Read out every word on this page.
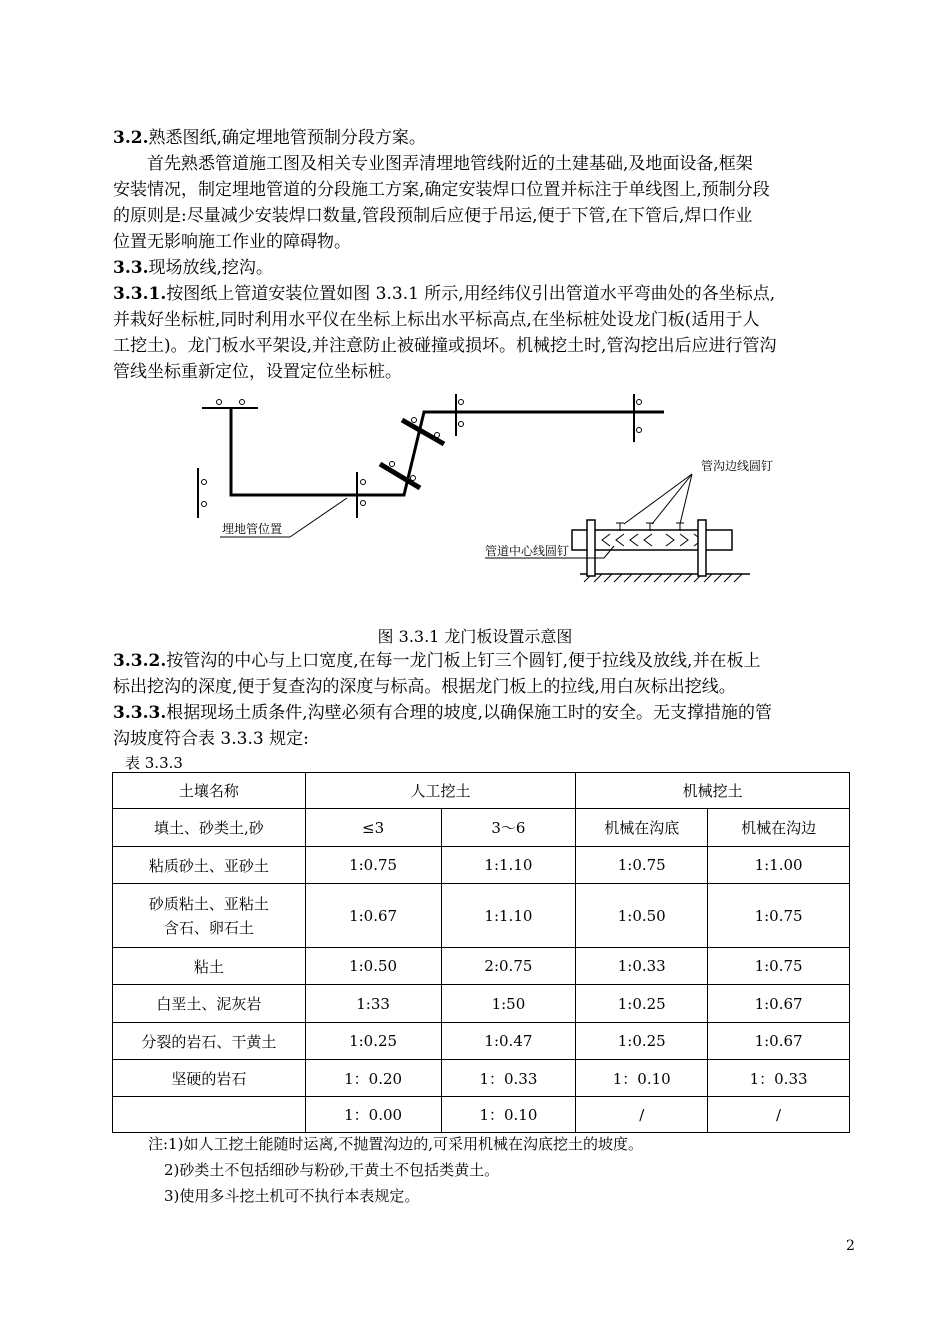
3.2.熟悉图纸,确定埋地管预制分段方案。
首先熟悉管道施工图及相关专业图弄清埋地管线附近的土建基础,及地面设备,框架
安装情况，制定埋地管道的分段施工方案,确定安装焊口位置并标注于单线图上,预制分段
的原则是:尽量减少安装焊口数量,管段预制后应便于吊运,便于下管,在下管后,焊口作业
位置无影响施工作业的障碍物。
3.3.现场放线,挖沟。
3.3.1.按图纸上管道安装位置如图 3.3.1 所示,用经纬仪引出管道水平弯曲处的各坐标点,
并栽好坐标桩,同时利用水平仪在坐标上标出水平标高点,在坐标桩处设龙门板(适用于人
工挖土)。龙门板水平架设,并注意防止被碰撞或损坏。机械挖土时,管沟挖出后应进行管沟
管线坐标重新定位，设置定位坐标桩。
埋地管位置
管沟边线圆钉
管道中心线圆钉
图 3.3.1 龙门板设置示意图
3.3.2.按管沟的中心与上口宽度,在每一龙门板上钉三个圆钉,便于拉线及放线,并在板上
标出挖沟的深度,便于复查沟的深度与标高。根据龙门板上的拉线,用白灰标出挖线。
3.3.3.根据现场土质条件,沟壁必须有合理的坡度,以确保施工时的安全。无支撑措施的管
沟坡度符合表 3.3.3 规定:
表 3.3.3
土壤名称	人工挖土		机械挖土	
填土、砂类土,砂	≤3	3～6	机械在沟底	机械在沟边
粘质砂土、亚砂土	1:0.75	1:1.10	1:0.75	1:1.00
砂质粘土、亚粘土
含石、卵石土	1:0.67	1:1.10	1:0.50	1:0.75
粘土	1:0.50	2:0.75	1:0.33	1:0.75
白垩土、泥灰岩	1:33	1:50	1:0.25	1:0.67
分裂的岩石、干黄土	1:0.25	1:0.47	1:0.25	1:0.67
坚硬的岩石	1：0.20	1：0.33	1：0.10	1：0.33
	1：0.00	1：0.10	/	/
注:1)如人工挖土能随时运离,不抛置沟边的,可采用机械在沟底挖土的坡度。
2)砂类土不包括细砂与粉砂,干黄土不包括类黄土。
3)使用多斗挖土机可不执行本表规定。
2
